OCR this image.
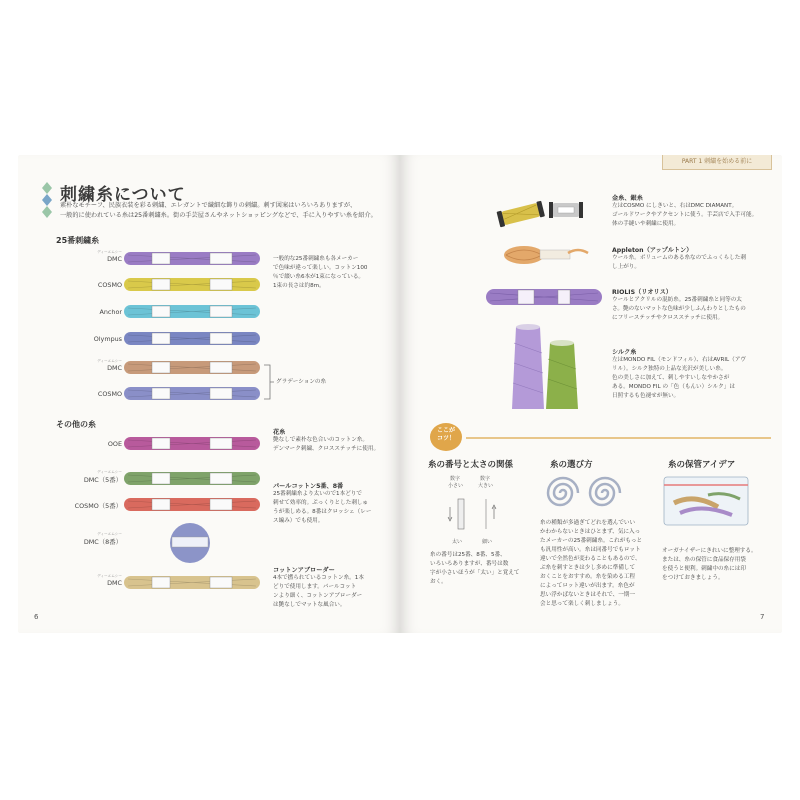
刺繍糸について
素朴なモチーフ、民族衣装を彩る刺繍、エレガントで繊細な飾りの刺繍。刺す図案はいろいろありますが、
一般的に使われている糸は25番刺繍糸。街の手芸屋さんやネットショッピングなどで、手に入りやすい糸を紹介。
25番刺繍糸
ディーエムシー
DMC
COSMO
Anchor
Olympus
ディーエムシー
DMC
COSMO
一般的な25番刺繍糸も各メーカー
で色味が違って楽しい。コットン100
％で綴い糸6本が1束になっている。
1束の長さは約8m。
グラデーションの糸
その他の糸
OOE
ディーエムシー
DMC（5番）
COSMO（5番）
ディーエムシー
DMC（8番）
ディーエムシー
DMC
花糸
艶なしで素朴な色合いのコットン糸。
デンマーク刺繍、クロスステッチに使用。
パールコットン5番、8番
25番刺繍糸より太いので1本どりで
刺せて効率的。ぷっくりとした刺しゅ
うが楽しめる。8番はクロッシェ（レー
ス編み）でも使用。
コットンアブローダー
4本で撚られているコットン糸。1本
どりで使用します。パールコット
ンより細く、コットンアブローダー
は艶なしでマットな風合い。
6
PART 1 刺繍を始める前に
金糸、銀糸
左はCOSMO にしきいと、右はDMC DIAMANT。
ゴールドワークやアクセントに使う。手芸店で入手可能。
体の手縫いや刺繍に使用。
Appleton（アップルトン）
ウール糸。ボリュームのある糸なのでふっくらした刺
し上がり。
RIOLIS（リオリス）
ウールとアクリルの混紡糸。25番刺繍糸と同等の太
さ。艶のないマットな色味が少しふんわりとしたもの
にフリーステッチやクロスステッチに使用。
シルク糸
左はMONDO FIL（モンドフィル）、右はAVRIL（アヴ
リル）。シルク独特の上品な光沢が美しい糸。
色の美しさに加えて、刺しやすいしなやかさが
ある。MONDO FIL の「色（もんい）シルク」は
日照するも色褪せが無い。
ここが
コツ！
糸の番号と太さの関係
数字
小さい
数字
大きい
太い	細い
糸の番号は25番、8番、5番、
いろいろありますが、番号は数
字が小さいほうが「太い」と覚えて
おく。
糸の選び方
糸の種類が多過ぎてどれを選んでいい
かわからないときはひとまず、気に入っ
たメーカーの25番刺繍糸。これがもっと
も汎用性が高い。糸は同番号でもロット
違いで全然色が変わることもあるので、
ぶ糸を刺すときは少し多めに準備して
おくことをおすすめ。糸を染める工程
によってロット違いが出ます。糸色が
思い浮かばないときはそれで、一期一
会と思って楽しく刺しましょう。
糸の保管アイデア
オーガナイザーにきれいに整理する。
または、糸の保管に食品保存用袋
を使うと便利。刺繍中の糸には印
をつけておきましょう。
7
